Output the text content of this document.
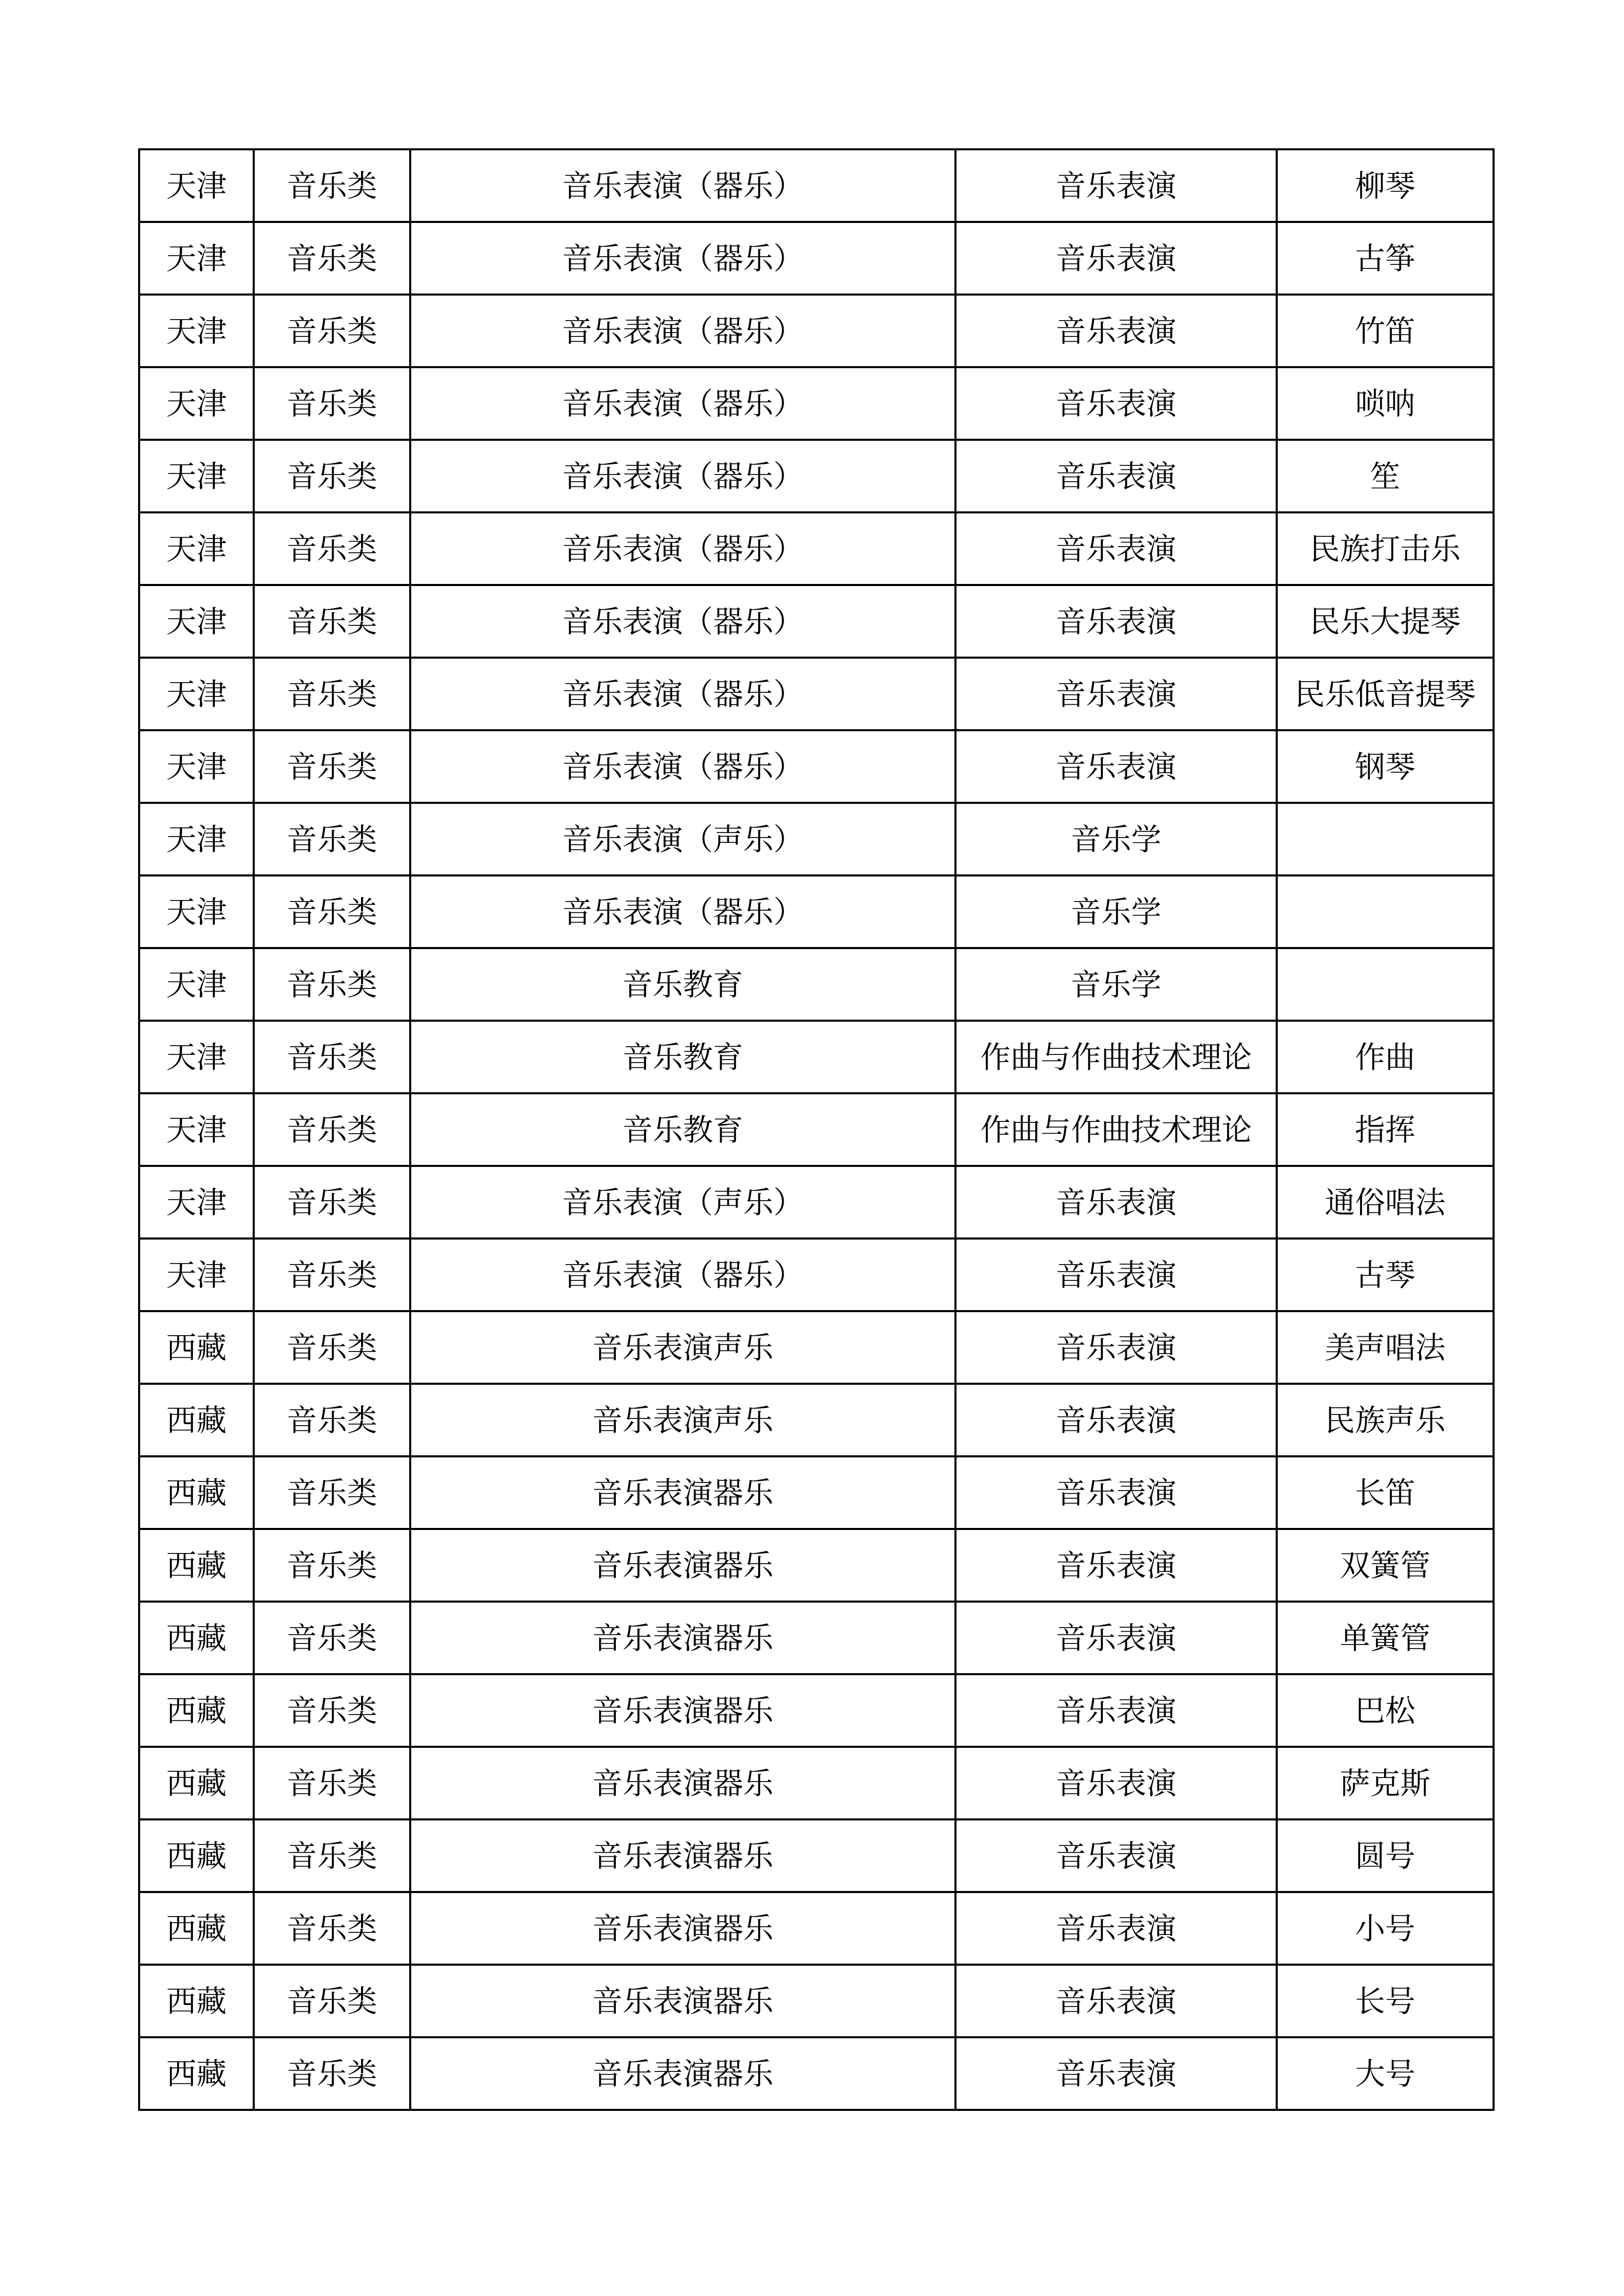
天津	音乐类	音乐表演（器乐）	音乐表演	柳琴
天津	音乐类	音乐表演（器乐）	音乐表演	古筝
天津	音乐类	音乐表演（器乐）	音乐表演	竹笛
天津	音乐类	音乐表演（器乐）	音乐表演	唢呐
天津	音乐类	音乐表演（器乐）	音乐表演	笙
天津	音乐类	音乐表演（器乐）	音乐表演	民族打击乐
天津	音乐类	音乐表演（器乐）	音乐表演	民乐大提琴
天津	音乐类	音乐表演（器乐）	音乐表演	民乐低音提琴
天津	音乐类	音乐表演（器乐）	音乐表演	钢琴
天津	音乐类	音乐表演（声乐）	音乐学	
天津	音乐类	音乐表演（器乐）	音乐学	
天津	音乐类	音乐教育	音乐学	
天津	音乐类	音乐教育	作曲与作曲技术理论	作曲
天津	音乐类	音乐教育	作曲与作曲技术理论	指挥
天津	音乐类	音乐表演（声乐）	音乐表演	通俗唱法
天津	音乐类	音乐表演（器乐）	音乐表演	古琴
西藏	音乐类	音乐表演声乐	音乐表演	美声唱法
西藏	音乐类	音乐表演声乐	音乐表演	民族声乐
西藏	音乐类	音乐表演器乐	音乐表演	长笛
西藏	音乐类	音乐表演器乐	音乐表演	双簧管
西藏	音乐类	音乐表演器乐	音乐表演	单簧管
西藏	音乐类	音乐表演器乐	音乐表演	巴松
西藏	音乐类	音乐表演器乐	音乐表演	萨克斯
西藏	音乐类	音乐表演器乐	音乐表演	圆号
西藏	音乐类	音乐表演器乐	音乐表演	小号
西藏	音乐类	音乐表演器乐	音乐表演	长号
西藏	音乐类	音乐表演器乐	音乐表演	大号
